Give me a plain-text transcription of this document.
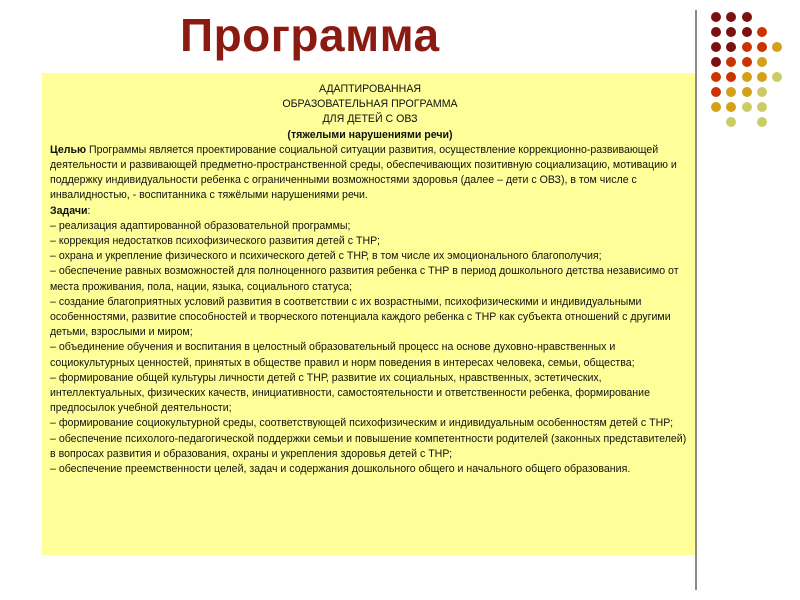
Программа

АДАПТИРОВАННАЯ

ОБРАЗОВАТЕЛЬНАЯ ПРОГРАММА

ДЛЯ ДЕТЕЙ С ОВЗ

(тяжелыми нарушениями речи)

Целью Программы является проектирование социальной ситуации развития, осуществление коррекционно-развивающей деятельности и развивающей предметно-пространственной среды, обеспечивающих позитивную социализацию, мотивацию и поддержку индивидуальности ребенка с ограниченными возможностями здоровья (далее – дети с ОВЗ), в том числе с инвалидностью, - воспитанника с тяжёлыми нарушениями речи.

Задачи:

– реализация адаптированной образовательной программы;

– коррекция недостатков психофизического развития детей с ТНР;

– охрана и укрепление физического и психического детей с ТНР, в том числе их эмоционального благополучия;

– обеспечение равных возможностей для полноценного развития ребенка с ТНР в период дошкольного детства независимо от места проживания, пола, нации, языка, социального статуса;

– создание благоприятных условий развития в соответствии с их возрастными, психофизическими и индивидуальными особенностями, развитие способностей и творческого потенциала каждого ребенка с ТНР как субъекта отношений с другими детьми, взрослыми и миром;

– объединение обучения и воспитания в целостный образовательный процесс на основе духовно-нравственных и социокультурных ценностей, принятых в обществе правил и норм поведения в интересах человека, семьи, общества;

– формирование общей культуры личности детей с ТНР, развитие их социальных, нравственных, эстетических, интеллектуальных, физических качеств, инициативности, самостоятельности и ответственности ребенка, формирование предпосылок учебной деятельности;

– формирование социокультурной среды, соответствующей психофизическим и индивидуальным особенностям детей с ТНР;

– обеспечение психолого-педагогической поддержки семьи и повышение компетентности родителей (законных представителей) в вопросах развития и образования, охраны и укрепления здоровья детей с ТНР;

– обеспечение преемственности целей, задач и содержания дошкольного общего и начального общего образования.
